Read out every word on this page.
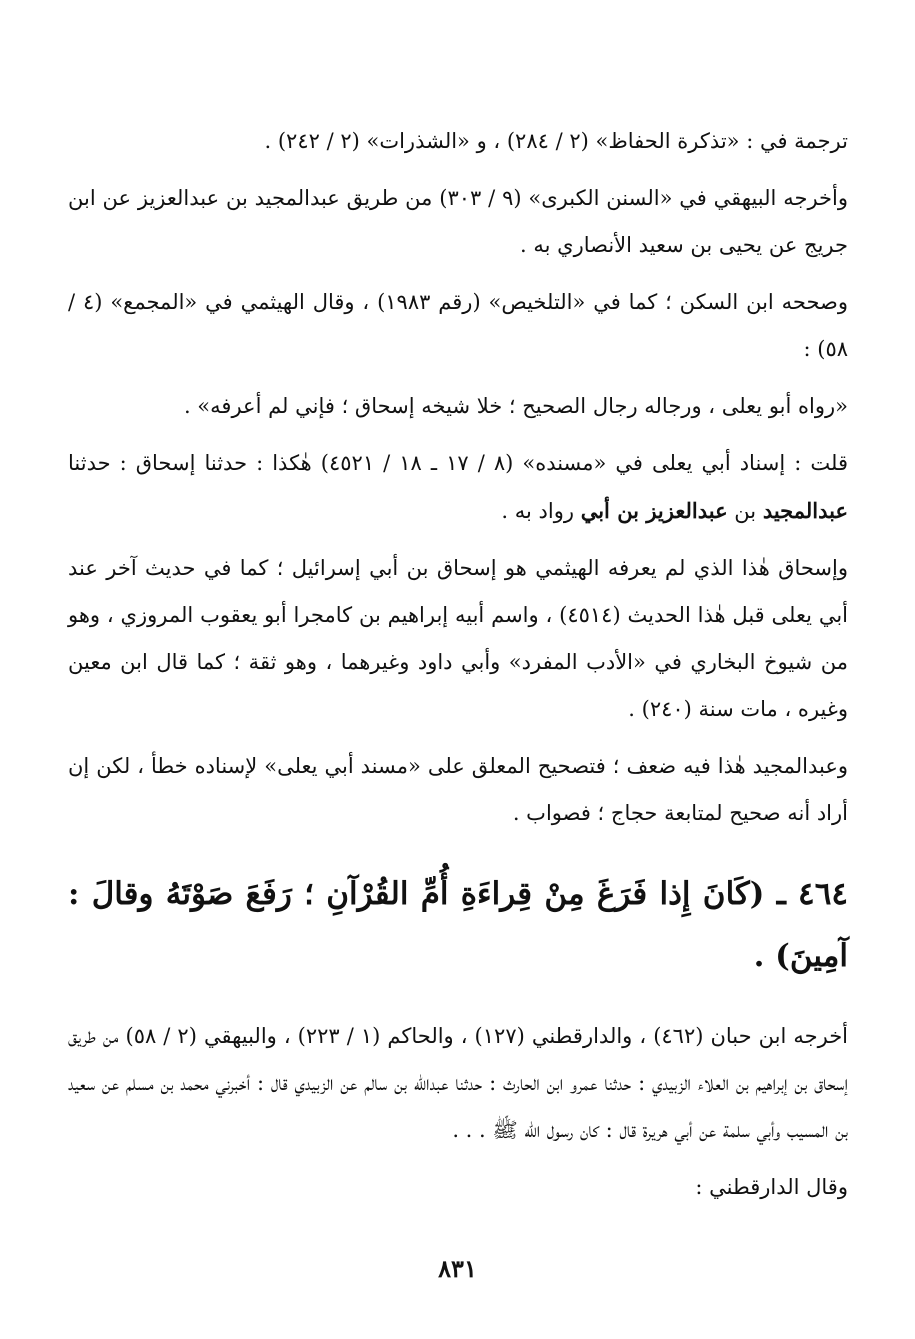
ترجمة في : «تذكرة الحفاظ» (٢ / ٢٨٤) ، و «الشذرات» (٢ / ٢٤٢) .

وأخرجه البيهقي في «السنن الكبرى» (٩ / ٣٠٣) من طريق عبدالمجيد بن عبدالعزيز عن ابن جريج عن يحيى بن سعيد الأنصاري به .

وصححه ابن السكن ؛ كما في «التلخيص» (رقم ١٩٨٣) ، وقال الهيثمي في «المجمع» (٤ / ٥٨) :

«رواه أبو يعلى ، ورجاله رجال الصحيح ؛ خلا شيخه إسحاق ؛ فإني لم أعرفه» .

قلت : إسناد أبي يعلى في «مسنده» (٨ / ١٧ ـ ١٨ / ٤٥٢١) هٰكذا : حدثنا إسحاق : حدثنا عبدالمجيد بن عبدالعزيز بن أبي رواد به .

وإسحاق هٰذا الذي لم يعرفه الهيثمي هو إسحاق بن أبي إسرائيل ؛ كما في حديث آخر عند أبي يعلى قبل هٰذا الحديث (٤٥١٤) ، واسم أبيه إبراهيم بن كامجرا أبو يعقوب المروزي ، وهو من شيوخ البخاري في «الأدب المفرد» وأبي داود وغيرهما ، وهو ثقة ؛ كما قال ابن معين وغيره ، مات سنة (٢٤٠) .

وعبدالمجيد هٰذا فيه ضعف ؛ فتصحيح المعلق على «مسند أبي يعلى» لإسناده خطأ ، لكن إن أراد أنه صحيح لمتابعة حجاج ؛ فصواب .

٤٦٤ ـ (كَانَ إِذا فَرَغَ مِنْ قِراءَةِ أُمِّ القُرْآنِ ؛ رَفَعَ صَوْتَهُ وقالَ : آمِينَ) .

أخرجه ابن حبان (٤٦٢) ، والدارقطني (١٢٧) ، والحاكم (١ / ٢٢٣) ، والبيهقي (٢ / ٥٨) من طريق إسحاق بن إبراهيم بن العلاء الزبيدي : حدثنا عمرو ابن الحارث : حدثنا عبدالله بن سالم عن الزبيدي قال : أخبرني محمد بن مسلم عن سعيد بن المسيب وأبي سلمة عن أبي هريرة قال : كان رسول الله ﷺ . . .

وقال الدارقطني :

٨٣١
